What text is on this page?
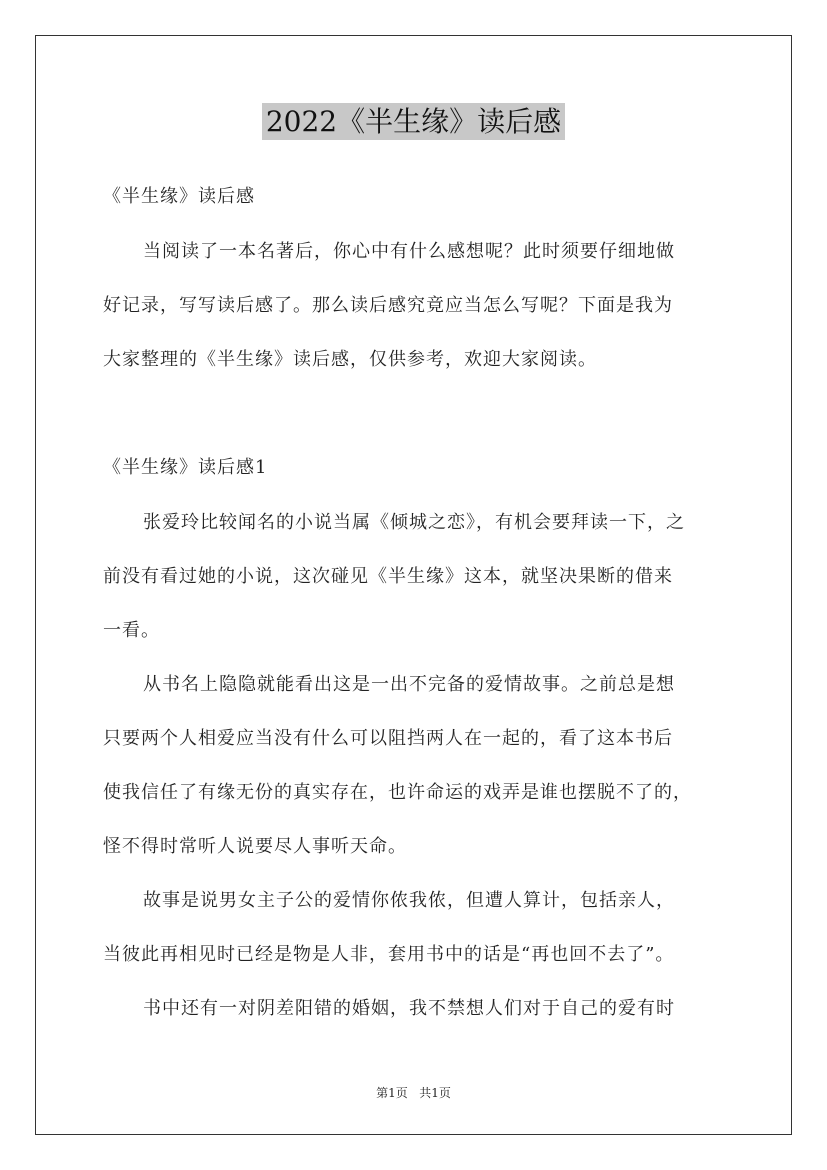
2022《半生缘》读后感
《半生缘》读后感
当阅读了一本名著后，你心中有什么感想呢？此时须要仔细地做
好记录，写写读后感了。那么读后感究竟应当怎么写呢？下面是我为
大家整理的《半生缘》读后感，仅供参考，欢迎大家阅读。
《半生缘》读后感1
张爱玲比较闻名的小说当属《倾城之恋》，有机会要拜读一下，之
前没有看过她的小说，这次碰见《半生缘》这本，就坚决果断的借来
一看。
从书名上隐隐就能看出这是一出不完备的爱情故事。之前总是想
只要两个人相爱应当没有什么可以阻挡两人在一起的，看了这本书后
使我信任了有缘无份的真实存在，也许命运的戏弄是谁也摆脱不了的，
怪不得时常听人说要尽人事听天命。
故事是说男女主子公的爱情你侬我侬，但遭人算计，包括亲人，
当彼此再相见时已经是物是人非，套用书中的话是“再也回不去了”。
书中还有一对阴差阳错的婚姻，我不禁想人们对于自己的爱有时
第1页 共1页
